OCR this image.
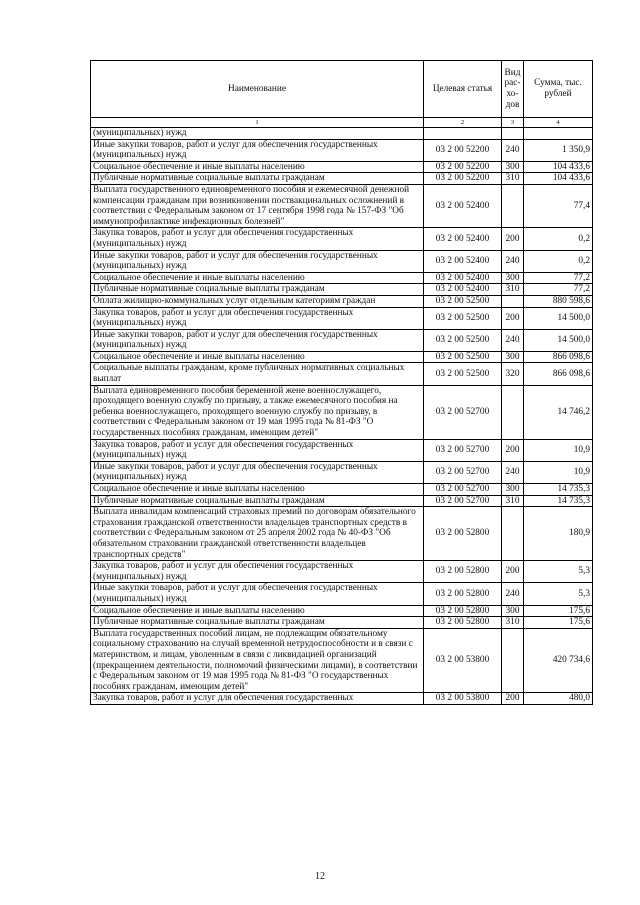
Наименование	Целевая статья	Вид рас-хо-дов	Сумма, тыс. рублей
1	2	3	4
(муниципальных) нужд			
Иные закупки товаров, работ и услуг для обеспечения государственных (муниципальных) нужд	03 2 00 52200	240	1 350,9
Социальное обеспечение и иные выплаты населению	03 2 00 52200	300	104 433,6
Публичные нормативные социальные выплаты гражданам	03 2 00 52200	310	104 433,6
Выплата государственного единовременного пособия и ежемесячной денежной компенсации гражданам при возникновении поствакцинальных осложнений в соответствии с Федеральным законом от 17 сентября 1998 года № 157-ФЗ "Об иммунопрофилактике инфекционных болезней"	03 2 00 52400		77,4
Закупка товаров, работ и услуг для обеспечения государственных (муниципальных) нужд	03 2 00 52400	200	0,2
Иные закупки товаров, работ и услуг для обеспечения государственных (муниципальных) нужд	03 2 00 52400	240	0,2
Социальное обеспечение и иные выплаты населению	03 2 00 52400	300	77,2
Публичные нормативные социальные выплаты гражданам	03 2 00 52400	310	77,2
Оплата жилищно-коммунальных услуг отдельным категориям граждан	03 2 00 52500		880 598,6
Закупка товаров, работ и услуг для обеспечения государственных (муниципальных) нужд	03 2 00 52500	200	14 500,0
Иные закупки товаров, работ и услуг для обеспечения государственных (муниципальных) нужд	03 2 00 52500	240	14 500,0
Социальное обеспечение и иные выплаты населению	03 2 00 52500	300	866 098,6
Социальные выплаты гражданам, кроме публичных нормативных социальных выплат	03 2 00 52500	320	866 098,6
Выплата единовременного пособия беременной жене военнослужащего, проходящего военную службу по призыву, а также ежемесячного пособия на ребенка военнослужащего, проходящего военную службу по призыву, в соответствии с Федеральным законом от 19 мая 1995 года № 81-ФЗ "О государственных пособиях гражданам, имеющим детей"	03 2 00 52700		14 746,2
Закупка товаров, работ и услуг для обеспечения государственных (муниципальных) нужд	03 2 00 52700	200	10,9
Иные закупки товаров, работ и услуг для обеспечения государственных (муниципальных) нужд	03 2 00 52700	240	10,9
Социальное обеспечение и иные выплаты населению	03 2 00 52700	300	14 735,3
Публичные нормативные социальные выплаты гражданам	03 2 00 52700	310	14 735,3
Выплата инвалидам компенсаций страховых премий по договорам обязательного страхования гражданской ответственности владельцев транспортных средств в соответствии с Федеральным законом от 25 апреля 2002 года № 40-ФЗ "Об обязательном страховании гражданской ответственности владельцев транспортных средств"	03 2 00 52800		180,9
Закупка товаров, работ и услуг для обеспечения государственных (муниципальных) нужд	03 2 00 52800	200	5,3
Иные закупки товаров, работ и услуг для обеспечения государственных (муниципальных) нужд	03 2 00 52800	240	5,3
Социальное обеспечение и иные выплаты населению	03 2 00 52800	300	175,6
Публичные нормативные социальные выплаты гражданам	03 2 00 52800	310	175,6
Выплата государственных пособий лицам, не подлежащим обязательному социальному страхованию на случай временной нетрудоспособности и в связи с материнством, и лицам, уволенным в связи с ликвидацией организаций (прекращением деятельности, полномочий физическими лицами), в соответствии с Федеральным законом от 19 мая 1995 года № 81-ФЗ "О государственных пособиях гражданам, имеющим детей"	03 2 00 53800		420 734,6
Закупка товаров, работ и услуг для обеспечения государственных	03 2 00 53800	200	480,0
12
